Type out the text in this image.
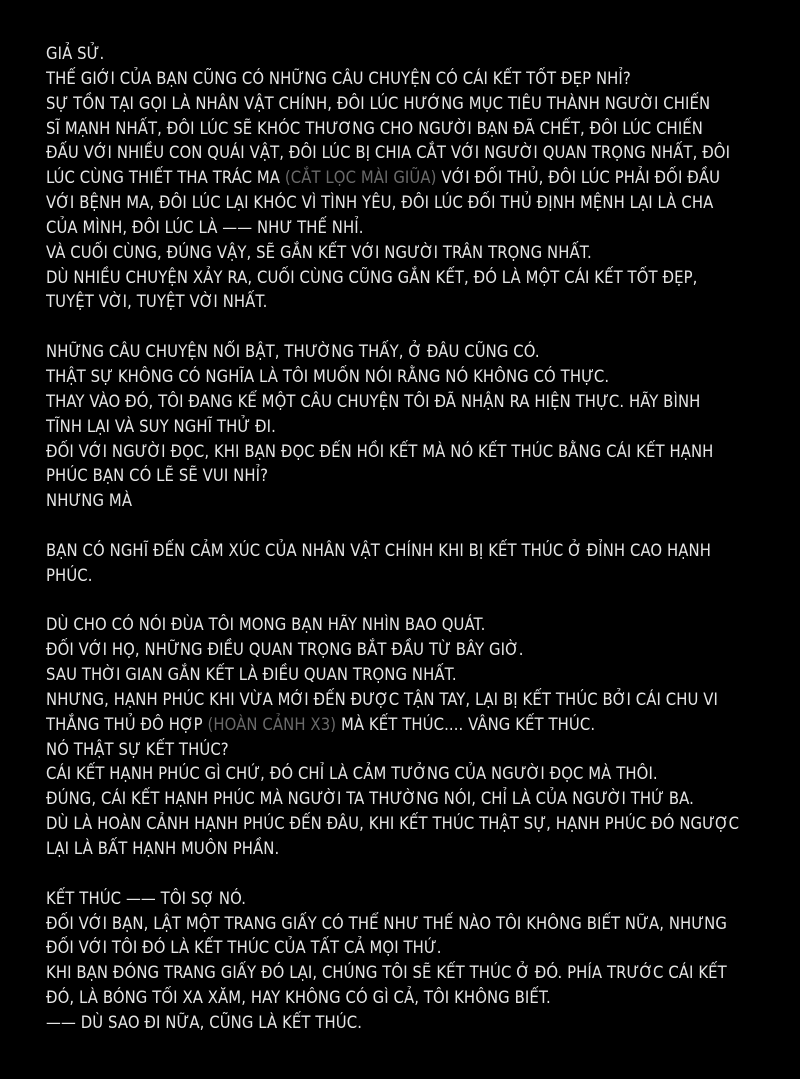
GIẢ SỬ.
THẾ GIỚI CỦA BẠN CŨNG CÓ NHỮNG CÂU CHUYỆN CÓ CÁI KẾT TỐT ĐẸP NHỈ?
SỰ TỒN TẠI GỌI LÀ NHÂN VẬT CHÍNH, ĐÔI LÚC HƯỚNG MỤC TIÊU THÀNH NGƯỜI CHIẾN
SĨ MẠNH NHẤT, ĐÔI LÚC SẼ KHÓC THƯƠNG CHO NGƯỜI BẠN ĐÃ CHẾT, ĐÔI LÚC CHIẾN
ĐẤU VỚI NHIỀU CON QUÁI VẬT, ĐÔI LÚC BỊ CHIA CẮT VỚI NGƯỜI QUAN TRỌNG NHẤT, ĐÔI
LÚC CÙNG THIẾT THA TRÁC MA (CẮT LỌC MÀI GIŨA) VỚI ĐỐI THỦ, ĐÔI LÚC PHẢI ĐỐI ĐẦU
VỚI BỆNH MA, ĐÔI LÚC LẠI KHÓC VÌ TÌNH YÊU, ĐÔI LÚC ĐỐI THỦ ĐỊNH MỆNH LẠI LÀ CHA
CỦA MÌNH, ĐÔI LÚC LÀ —— NHƯ THẾ NHỈ.
VÀ CUỐI CÙNG, ĐÚNG VẬY, SẼ GẮN KẾT VỚI NGƯỜI TRÂN TRỌNG NHẤT.
DÙ NHIỀU CHUYỆN XẢY RA, CUỐI CÙNG CŨNG GẮN KẾT, ĐÓ LÀ MỘT CÁI KẾT TỐT ĐẸP,
TUYỆT VỜI, TUYỆT VỜI NHẤT.
NHỮNG CÂU CHUYỆN NỔI BẬT, THƯỜNG THẤY, Ở ĐÂU CŨNG CÓ.
THẬT SỰ KHÔNG CÓ NGHĨA LÀ TÔI MUỐN NÓI RẰNG NÓ KHÔNG CÓ THỰC.
THAY VÀO ĐÓ, TÔI ĐANG KỂ MỘT CÂU CHUYỆN TÔI ĐÃ NHẬN RA HIỆN THỰC. HÃY BÌNH
TĨNH LẠI VÀ SUY NGHĨ THỬ ĐI.
ĐỐI VỚI NGƯỜI ĐỌC, KHI BẠN ĐỌC ĐẾN HỒI KẾT MÀ NÓ KẾT THÚC BẰNG CÁI KẾT HẠNH
PHÚC BẠN CÓ LẼ SẼ VUI NHỈ?
NHƯNG MÀ
BẠN CÓ NGHĨ ĐẾN CẢM XÚC CỦA NHÂN VẬT CHÍNH KHI BỊ KẾT THÚC Ở ĐỈNH CAO HẠNH
PHÚC.
DÙ CHO CÓ NÓI ĐÙA TÔI MONG BẠN HÃY NHÌN BAO QUÁT.
ĐỐI VỚI HỌ, NHỮNG ĐIỀU QUAN TRỌNG BẮT ĐẦU TỪ BÂY GIỜ.
SAU THỜI GIAN GẮN KẾT LÀ ĐIỀU QUAN TRỌNG NHẤT.
NHƯNG, HẠNH PHÚC KHI VỪA MỚI ĐẾN ĐƯỢC TẬN TAY, LẠI BỊ KẾT THÚC BỞI CÁI CHU VI
THẮNG THỦ ĐÔ HỢP (HOÀN CẢNH X3) MÀ KẾT THÚC.... VÂNG KẾT THÚC.
NÓ THẬT SỰ KẾT THÚC?
CÁI KẾT HẠNH PHÚC GÌ CHỨ, ĐÓ CHỈ LÀ CẢM TƯỞNG CỦA NGƯỜI ĐỌC MÀ THÔI.
ĐÚNG, CÁI KẾT HẠNH PHÚC MÀ NGƯỜI TA THƯỜNG NÓI, CHỈ LÀ CỦA NGƯỜI THỨ BA.
DÙ LÀ HOÀN CẢNH HẠNH PHÚC ĐẾN ĐÂU, KHI KẾT THÚC THẬT SỰ, HẠNH PHÚC ĐÓ NGƯỢC
LẠI LÀ BẤT HẠNH MUÔN PHẦN.
KẾT THÚC —— TÔI SỢ NÓ.
ĐỐI VỚI BẠN, LẬT MỘT TRANG GIẤY CÓ THỂ NHƯ THẾ NÀO TÔI KHÔNG BIẾT NỮA, NHƯNG
ĐỐI VỚI TÔI ĐÓ LÀ KẾT THÚC CỦA TẤT CẢ MỌI THỨ.
KHI BẠN ĐÓNG TRANG GIẤY ĐÓ LẠI, CHÚNG TÔI SẼ KẾT THÚC Ở ĐÓ. PHÍA TRƯỚC CÁI KẾT
ĐÓ, LÀ BÓNG TỐI XA XĂM, HAY KHÔNG CÓ GÌ CẢ, TÔI KHÔNG BIẾT.
—— DÙ SAO ĐI NỮA, CŨNG LÀ KẾT THÚC.
